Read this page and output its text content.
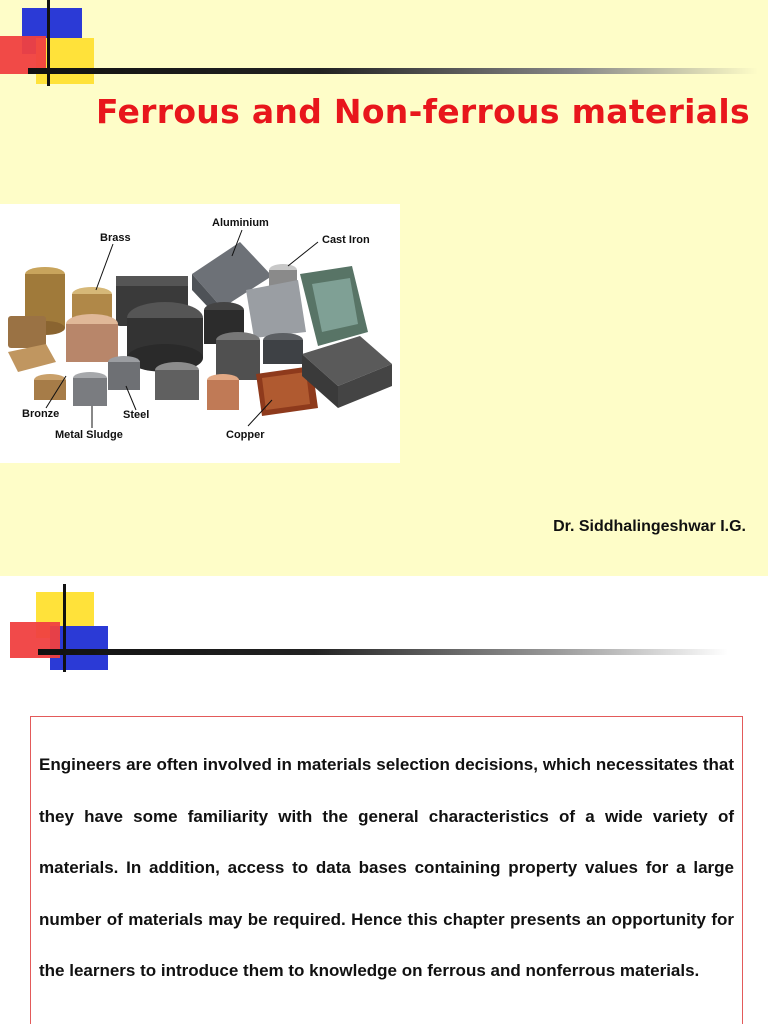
Ferrous and Non-ferrous materials
Aluminium
Brass	Cast Iron
Bronze	Steel
Metal Sludge	Copper
Dr. Siddhalingeshwar I.G.

Engineers are often involved in materials selection decisions, which necessitates that they have some familiarity with the general characteristics of a wide variety of materials. In addition, access to data bases containing property values for a large number of materials may be required. Hence this chapter presents an opportunity for the learners to introduce them to knowledge on ferrous and nonferrous materials.
